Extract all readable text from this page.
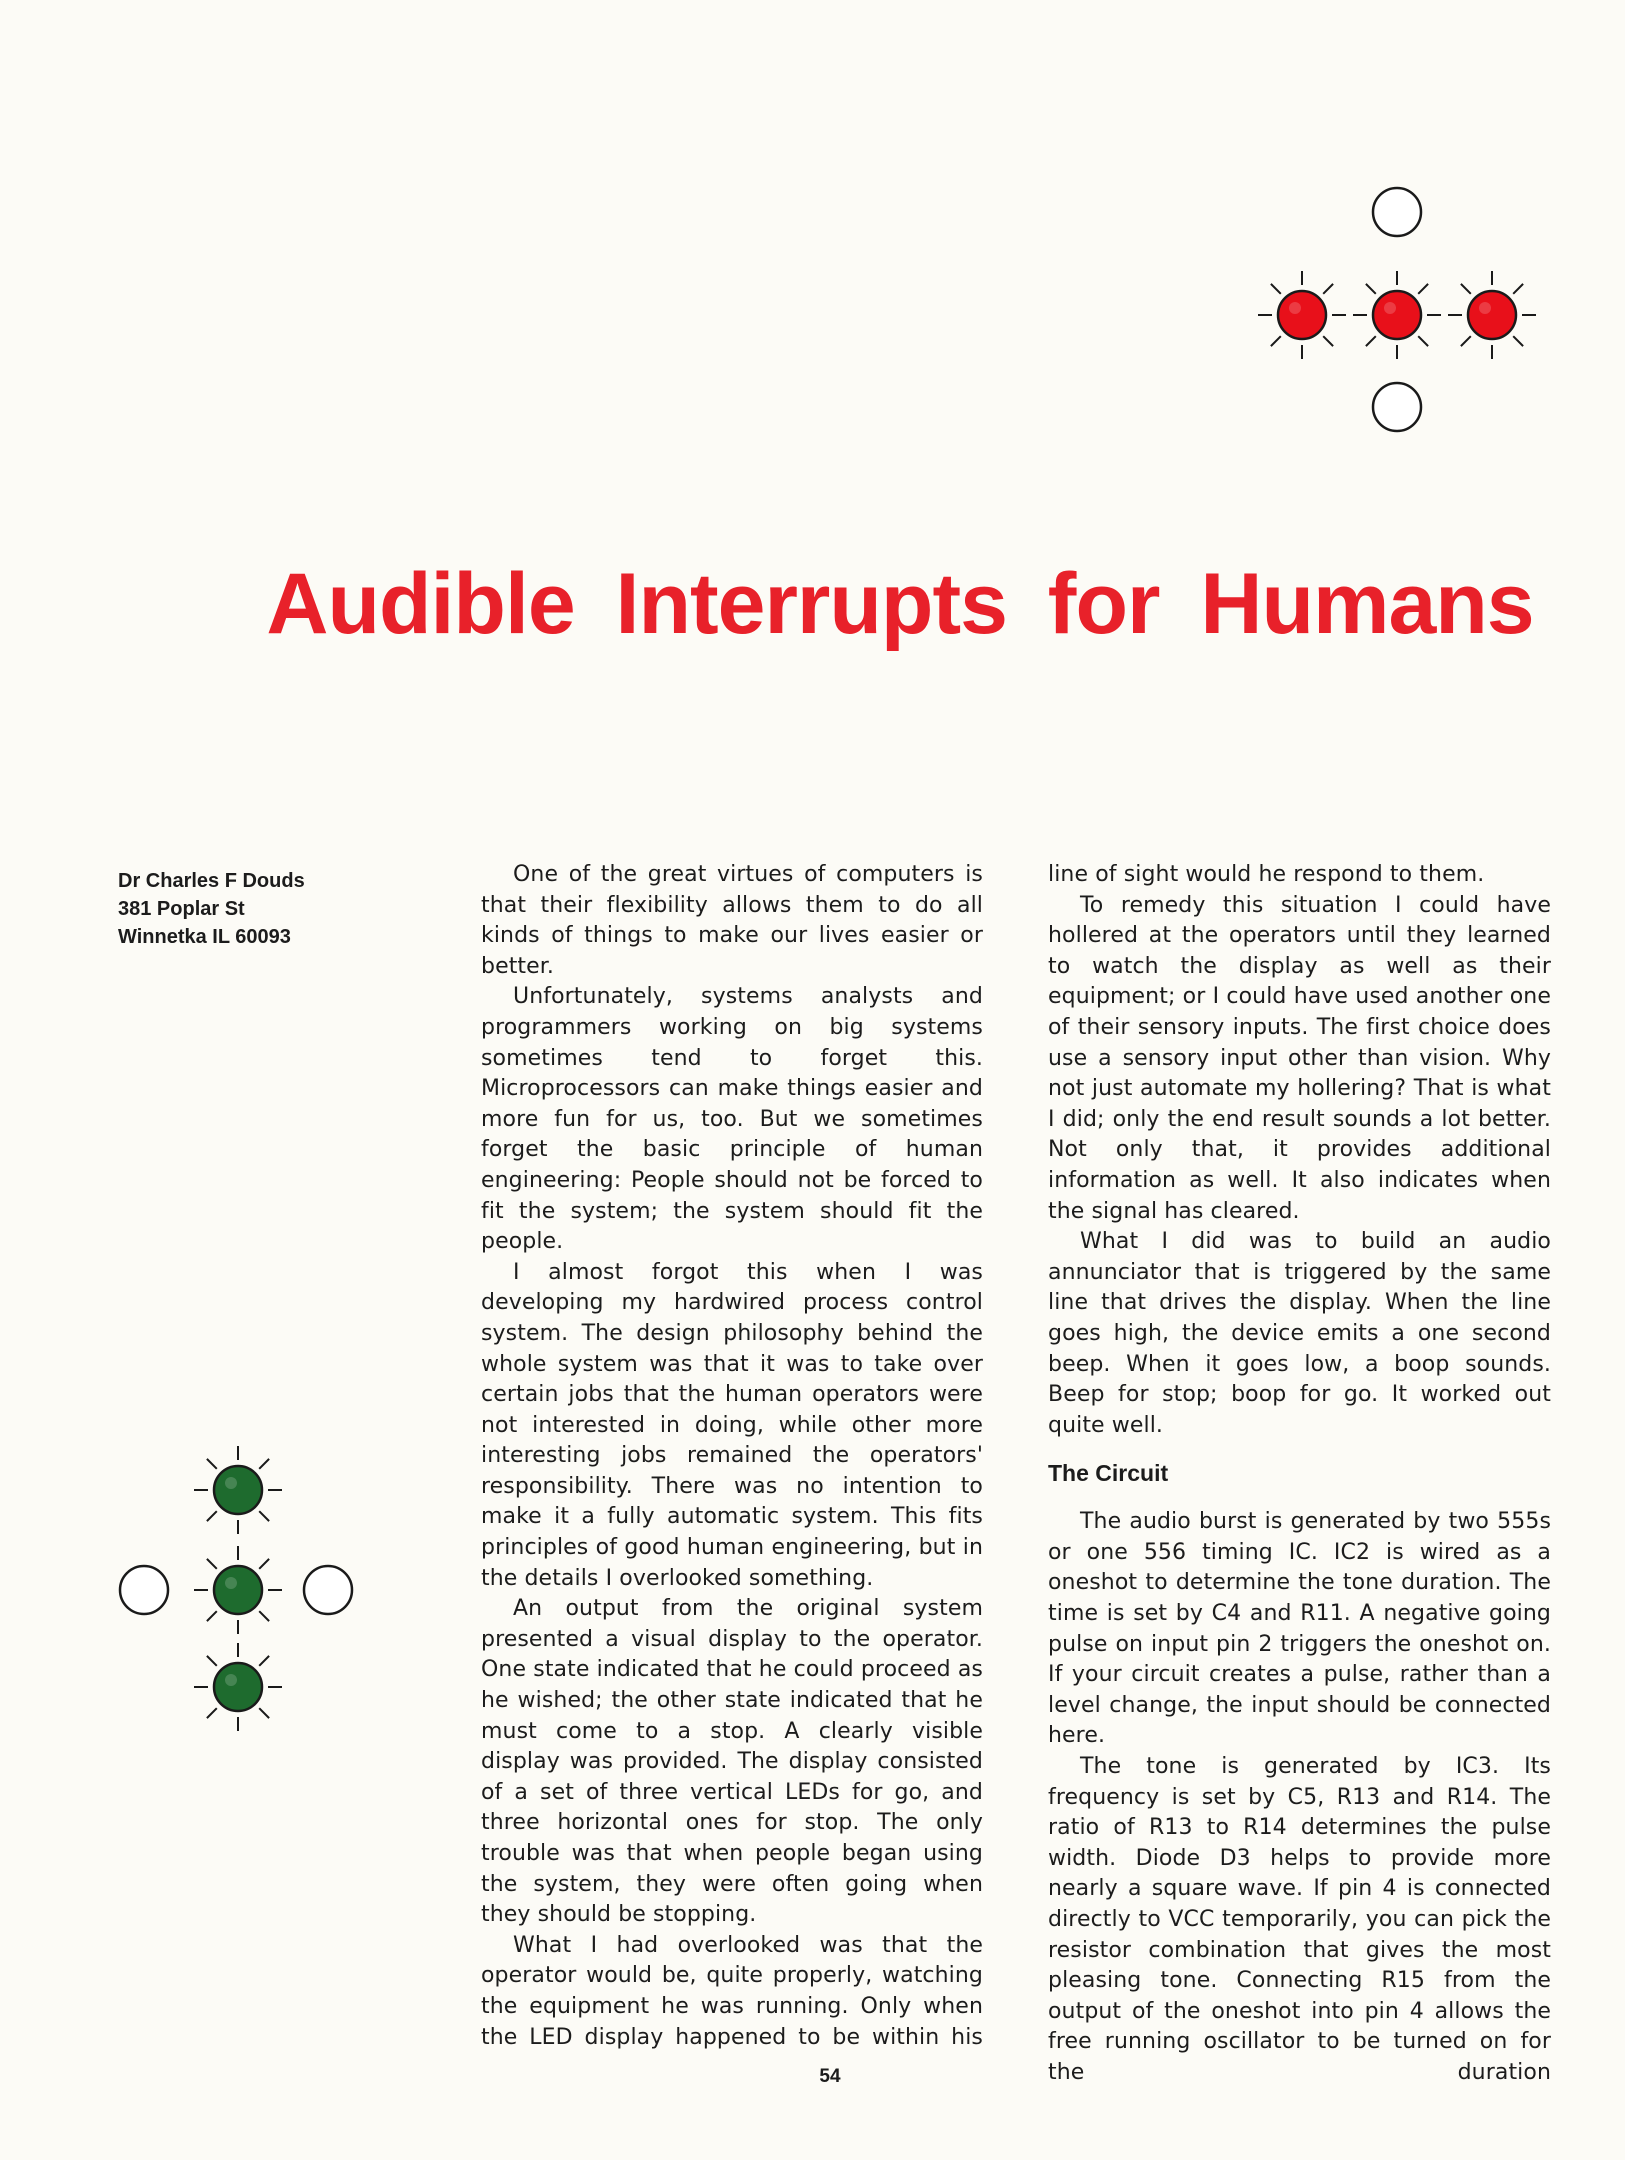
Audible Interrupts for Humans
Dr Charles F Douds
381 Poplar St
Winnetka IL 60093

One of the great virtues of computers is that their flexibility allows them to do all kinds of things to make our lives easier or better.

Unfortunately, systems analysts and programmers working on big systems sometimes tend to forget this. Microprocessors can make things easier and more fun for us, too. But we sometimes forget the basic principle of human engineering: People should not be forced to fit the system; the system should fit the people.

I almost forgot this when I was developing my hardwired process control system. The design philosophy behind the whole system was that it was to take over certain jobs that the human operators were not interested in doing, while other more interesting jobs remained the operators' responsibility. There was no intention to make it a fully automatic system. This fits principles of good human engineering, but in the details I overlooked something.

An output from the original system presented a visual display to the operator. One state indicated that he could proceed as he wished; the other state indicated that he must come to a stop. A clearly visible display was provided. The display consisted of a set of three vertical LEDs for go, and three horizontal ones for stop. The only trouble was that when people began using the system, they were often going when they should be stopping.

What I had overlooked was that the operator would be, quite properly, watching the equipment he was running. Only when the LED display happened to be within his

line of sight would he respond to them.

To remedy this situation I could have hollered at the operators until they learned to watch the display as well as their equipment; or I could have used another one of their sensory inputs. The first choice does use a sensory input other than vision. Why not just automate my hollering? That is what I did; only the end result sounds a lot better. Not only that, it provides additional information as well. It also indicates when the signal has cleared.

What I did was to build an audio annunciator that is triggered by the same line that drives the display. When the line goes high, the device emits a one second beep. When it goes low, a boop sounds. Beep for stop; boop for go. It worked out quite well.

The Circuit

The audio burst is generated by two 555s or one 556 timing IC. IC2 is wired as a oneshot to determine the tone duration. The time is set by C4 and R11. A negative going pulse on input pin 2 triggers the oneshot on. If your circuit creates a pulse, rather than a level change, the input should be connected here.

The tone is generated by IC3. Its frequency is set by C5, R13 and R14. The ratio of R13 to R14 determines the pulse width. Diode D3 helps to provide more nearly a square wave. If pin 4 is connected directly to VCC temporarily, you can pick the resistor combination that gives the most pleasing tone. Connecting R15 from the output of the oneshot into pin 4 allows the free running oscillator to be turned on for the duration

54
